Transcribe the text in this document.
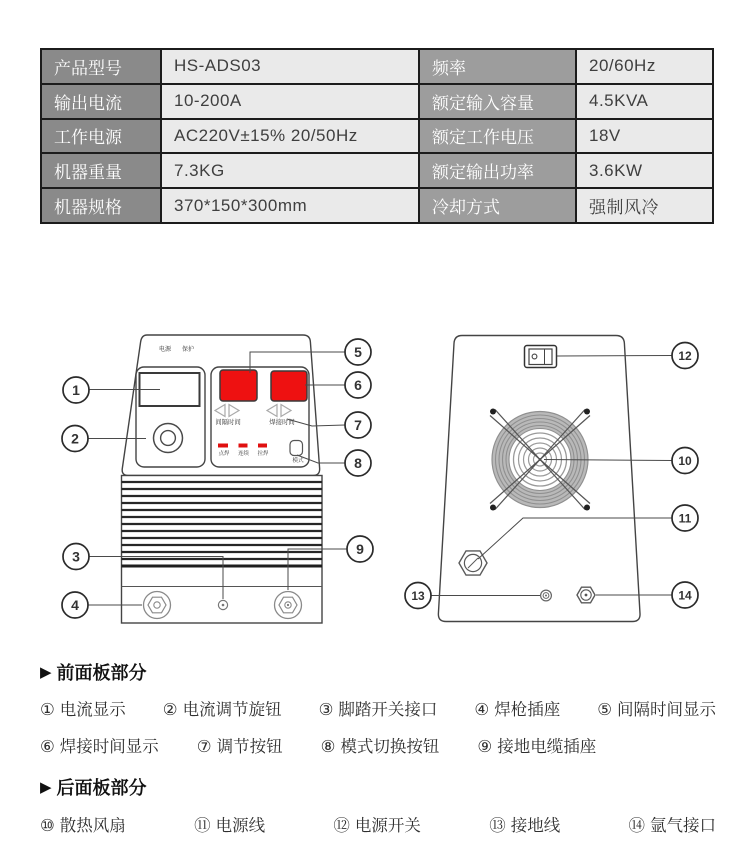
产品型号	HS-ADS03	频率	20/60Hz
输出电流	10-200A	额定输入容量	4.5KVA
工作电源	AC220V±15% 20/50Hz	额定工作电压	18V
机器重量	7.3KG	额定输出功率	3.6KW
机器规格	370*150*300mm	冷却方式	强制风冷
电源 保护
间隔时间	焊接时间
点焊 连续 拉焊
模式
1
2
3
4
5
6
7
8
9
12
10
11
13	14
▶ 前面板部分
① 电流显示 ② 电流调节旋钮 ③ 脚踏开关接口 ④ 焊枪插座 ⑤ 间隔时间显示
⑥ 焊接时间显示 ⑦ 调节按钮 ⑧ 模式切换按钮 ⑨ 接地电缆插座
▶ 后面板部分
⑩ 散热风扇	⑪ 电源线	⑫ 电源开关	⑬ 接地线	⑭ 氩气接口
